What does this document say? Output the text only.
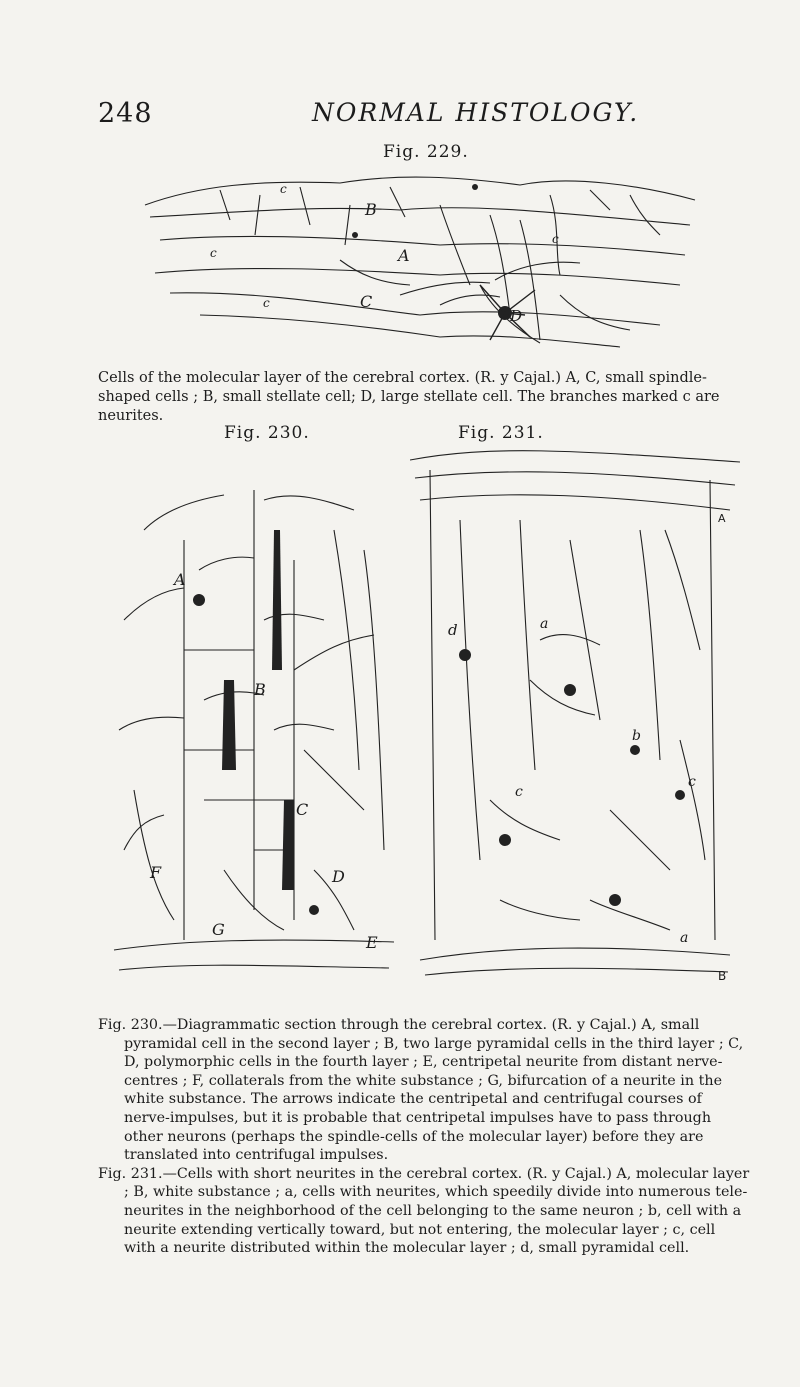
248	NORMAL HISTOLOGY.
Fig. 229.
B
A
C
D
c
c
c
c
Cells of the molecular layer of the cerebral cortex. (R. y Cajal.) A, C, small spindle-shaped cells ; B, small stellate cell; D, large stellate cell. The branches marked c are neurites.
Fig. 230.	Fig. 231.
A
B
C
D
E
F
G
A
B
a
a
b
c
c
d
Fig. 230.—Diagrammatic section through the cerebral cortex. (R. y Cajal.) A, small pyramidal cell in the second layer ; B, two large pyramidal cells in the third layer ; C, D, polymorphic cells in the fourth layer ; E, centripetal neurite from distant nerve-centres ; F, collaterals from the white substance ; G, bifurcation of a neurite in the white substance. The arrows indicate the centripetal and centrifugal courses of nerve-impulses, but it is probable that centripetal impulses have to pass through other neurons (perhaps the spindle-cells of the molecular layer) before they are translated into centrifugal impulses.
Fig. 231.—Cells with short neurites in the cerebral cortex. (R. y Cajal.) A, molecular layer ; B, white substance ; a, cells with neurites, which speedily divide into numerous tele-neurites in the neighborhood of the cell belonging to the same neuron ; b, cell with a neurite extending vertically toward, but not entering, the molecular layer ; c, cell with a neurite distributed within the molecular layer ; d, small pyramidal cell.
